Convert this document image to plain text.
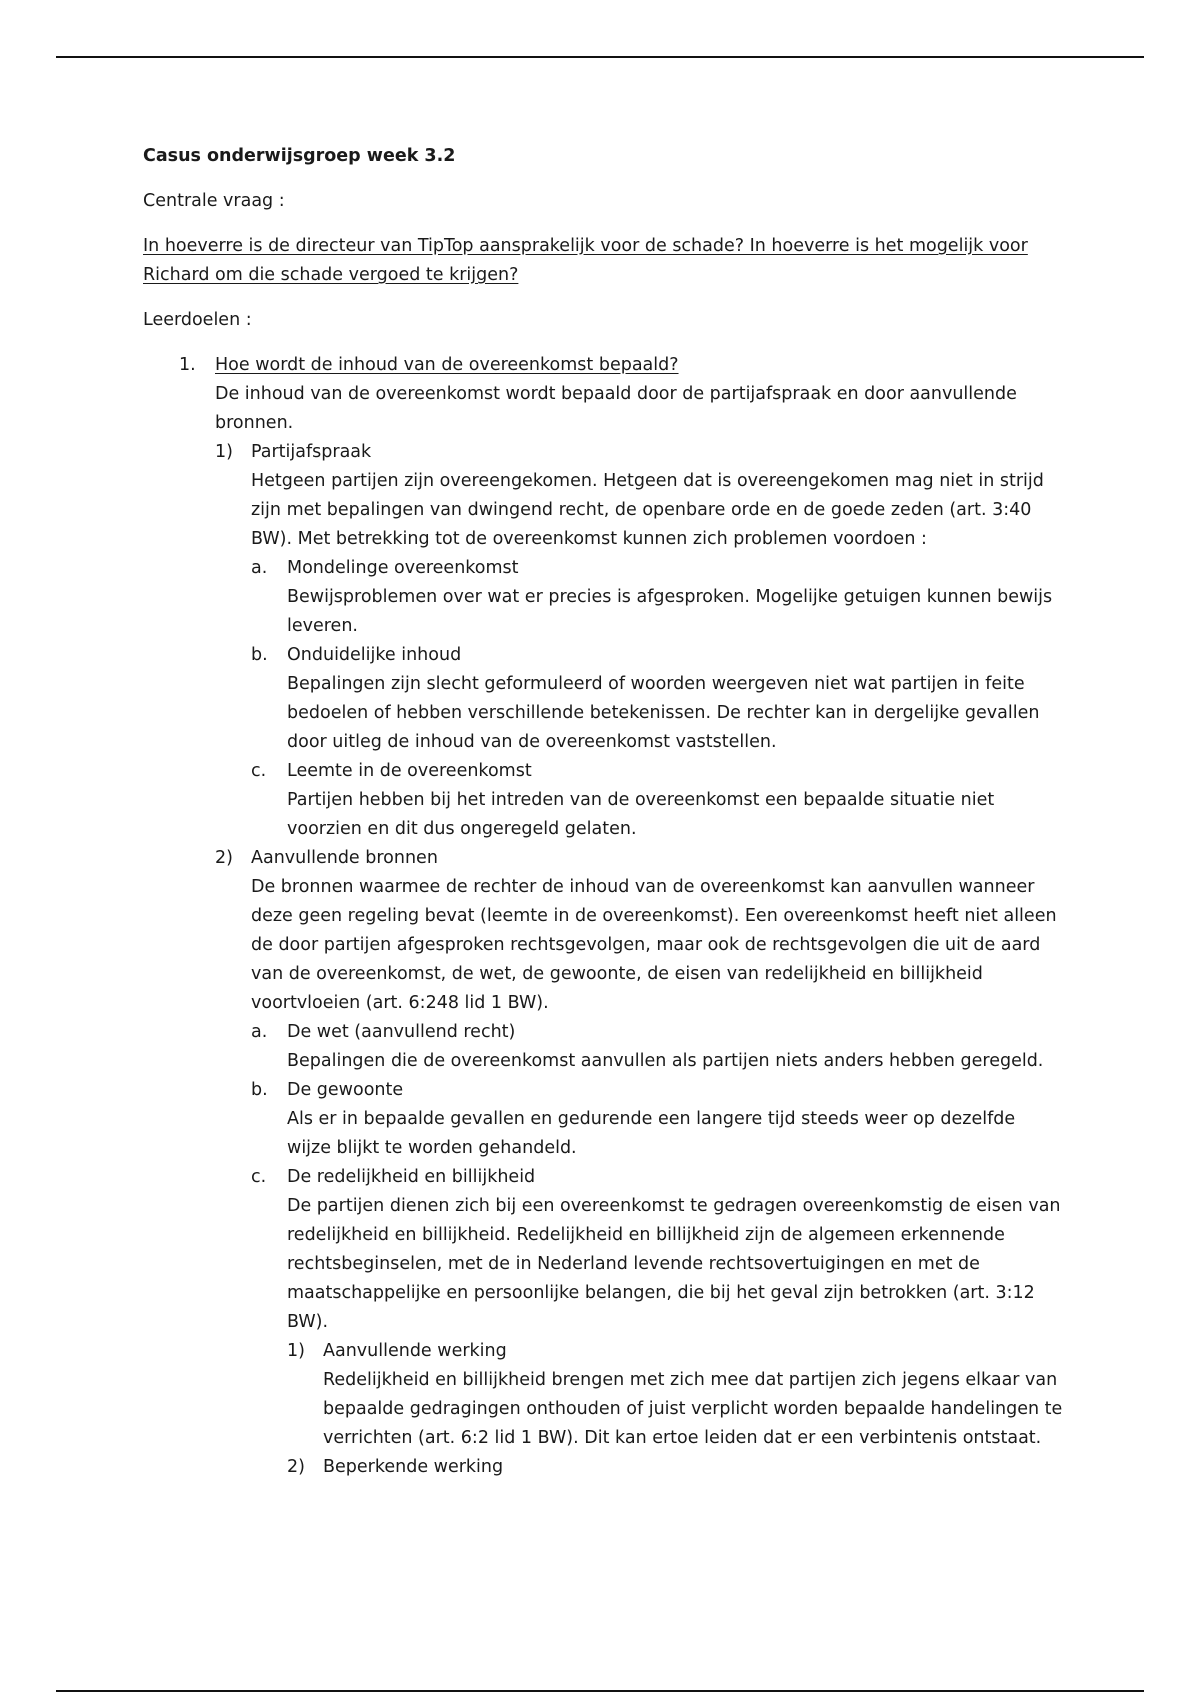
Casus onderwijsgroep week 3.2
Centrale vraag :
In hoeverre is de directeur van TipTop aansprakelijk voor de schade? In hoeverre is het mogelijk voor Richard om die schade vergoed te krijgen?
Leerdoelen :
1. Hoe wordt de inhoud van de overeenkomst bepaald?
De inhoud van de overeenkomst wordt bepaald door de partijafspraak en door aanvullende bronnen.
1) Partijafspraak
Hetgeen partijen zijn overeengekomen. Hetgeen dat is overeengekomen mag niet in strijd zijn met bepalingen van dwingend recht, de openbare orde en de goede zeden (art. 3:40 BW). Met betrekking tot de overeenkomst kunnen zich problemen voordoen :
a. Mondelinge overeenkomst
Bewijsproblemen over wat er precies is afgesproken. Mogelijke getuigen kunnen bewijs leveren.
b. Onduidelijke inhoud
Bepalingen zijn slecht geformuleerd of woorden weergeven niet wat partijen in feite bedoelen of hebben verschillende betekenissen. De rechter kan in dergelijke gevallen door uitleg de inhoud van de overeenkomst vaststellen.
c. Leemte in de overeenkomst
Partijen hebben bij het intreden van de overeenkomst een bepaalde situatie niet voorzien en dit dus ongeregeld gelaten.
2) Aanvullende bronnen
De bronnen waarmee de rechter de inhoud van de overeenkomst kan aanvullen wanneer deze geen regeling bevat (leemte in de overeenkomst). Een overeenkomst heeft niet alleen de door partijen afgesproken rechtsgevolgen, maar ook de rechtsgevolgen die uit de aard van de overeenkomst, de wet, de gewoonte, de eisen van redelijkheid en billijkheid voortvloeien (art. 6:248 lid 1 BW).
a. De wet (aanvullend recht)
Bepalingen die de overeenkomst aanvullen als partijen niets anders hebben geregeld.
b. De gewoonte
Als er in bepaalde gevallen en gedurende een langere tijd steeds weer op dezelfde wijze blijkt te worden gehandeld.
c. De redelijkheid en billijkheid
De partijen dienen zich bij een overeenkomst te gedragen overeenkomstig de eisen van redelijkheid en billijkheid. Redelijkheid en billijkheid zijn de algemeen erkennende rechtsbeginselen, met de in Nederland levende rechtsovertuigingen en met de maatschappelijke en persoonlijke belangen, die bij het geval zijn betrokken (art. 3:12 BW).
1) Aanvullende werking
Redelijkheid en billijkheid brengen met zich mee dat partijen zich jegens elkaar van bepaalde gedragingen onthouden of juist verplicht worden bepaalde handelingen te verrichten (art. 6:2 lid 1 BW). Dit kan ertoe leiden dat er een verbintenis ontstaat.
2) Beperkende werking
